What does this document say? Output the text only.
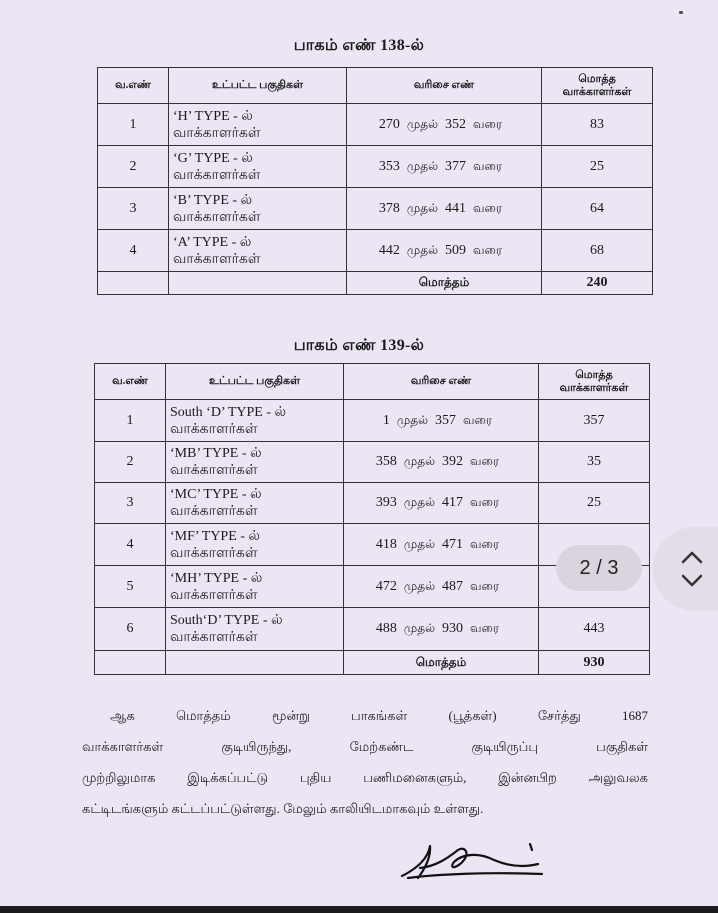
பாகம் எண் 138-ல்
வ.எண்	உட்பட்ட பகுதிகள்	வரிசை எண்	மொத்த
வாக்காளர்கள்
1	‘H’ TYPE - ல்
வாக்காளர்கள்	270 முதல் 352 வரை	83
2	‘G’ TYPE - ல்
வாக்காளர்கள்	353 முதல் 377 வரை	25
3	‘B’ TYPE - ல்
வாக்காளர்கள்	378 முதல் 441 வரை	64
4	‘A’ TYPE - ல்
வாக்காளர்கள்	442 முதல் 509 வரை	68
		மொத்தம்	240
பாகம் எண் 139-ல்
வ.எண்	உட்பட்ட பகுதிகள்	வரிசை எண்	மொத்த
வாக்காளர்கள்
1	South ‘D’ TYPE - ல்
வாக்காளர்கள்	1 முதல் 357 வரை	357
2	‘MB’ TYPE - ல்
வாக்காளர்கள்	358 முதல் 392 வரை	35
3	‘MC’ TYPE - ல்
வாக்காளர்கள்	393 முதல் 417 வரை	25
4	‘MF’ TYPE - ல்
வாக்காளர்கள்	418 முதல் 471 வரை	
5	‘MH’ TYPE - ல்
வாக்காளர்கள்	472 முதல் 487 வரை	
6	South‘D’ TYPE - ல்
வாக்காளர்கள்	488 முதல் 930 வரை	443
		மொத்தம்	930
ஆக மொத்தம் மூன்று பாகங்கள் (பூத்கள்) சேர்த்து 1687
வாக்காளர்கள் குடியிருந்து, மேற்கண்ட குடியிருப்பு பகுதிகள்
முற்றிலுமாக இடிக்கப்பட்டு புதிய பணிமனைகளும், இன்னபிற அலுவலக
கட்டிடங்களும் கட்டப்பட்டுள்ளது. மேலும் காலியிடமாகவும் உள்ளது.
2 / 3
